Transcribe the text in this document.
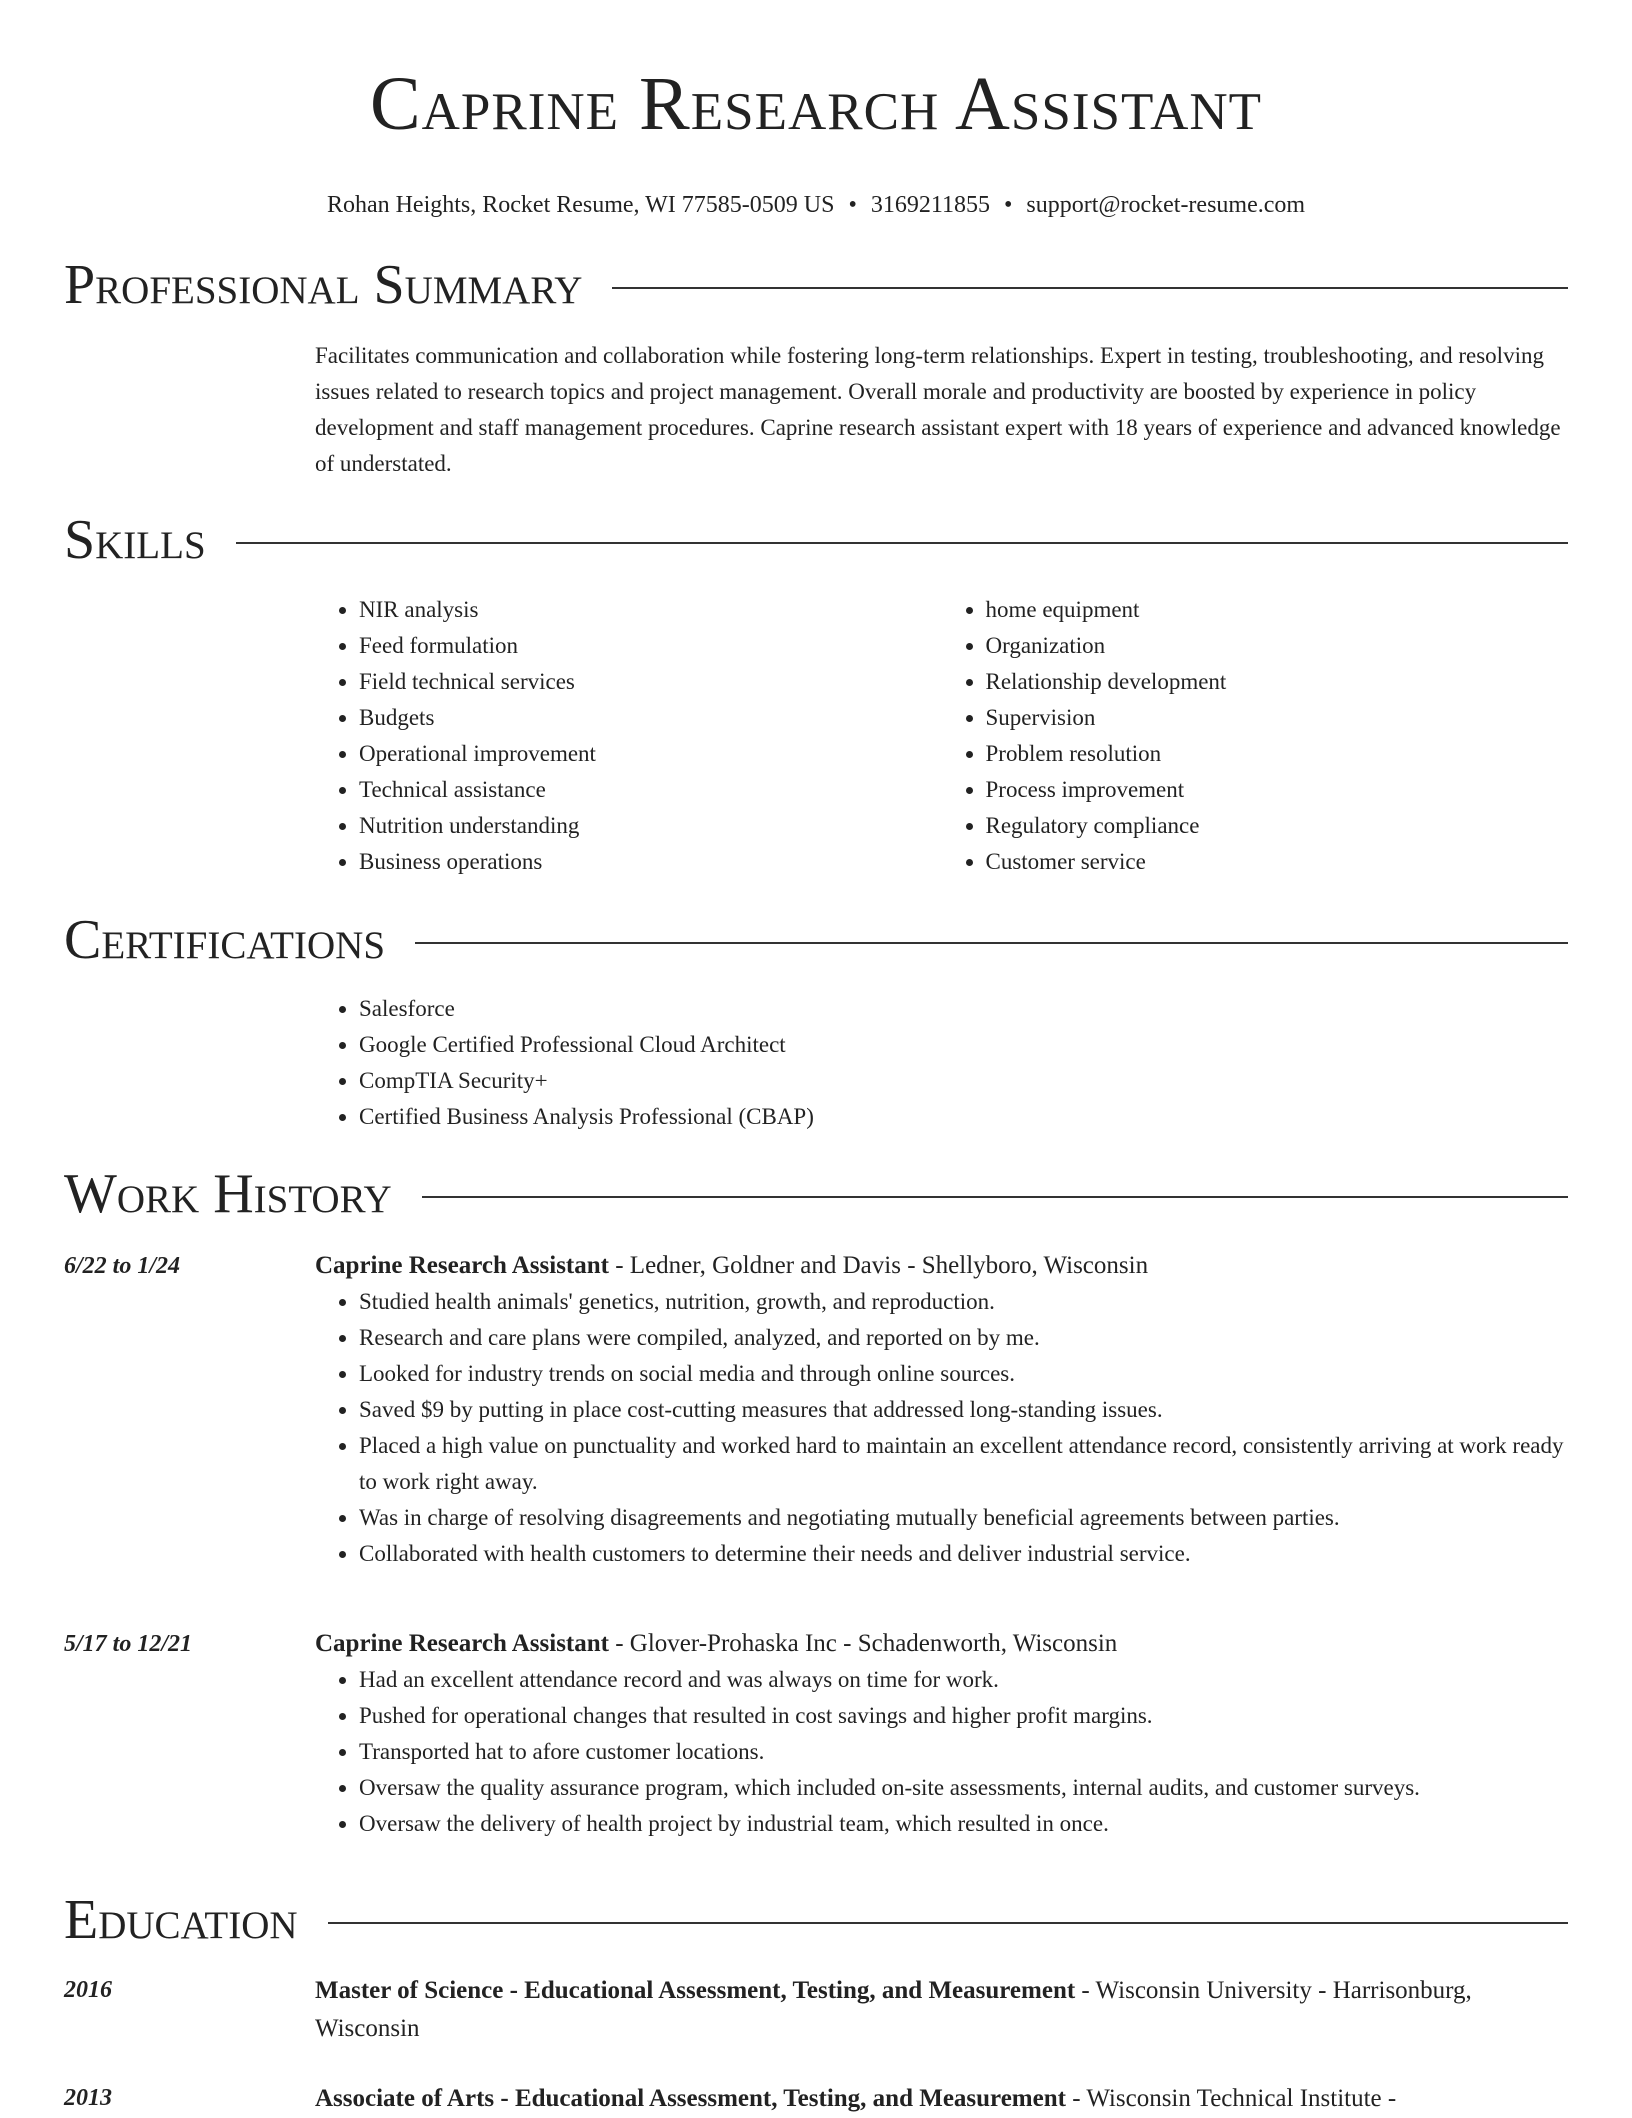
Caprine Research Assistant
Rohan Heights, Rocket Resume, WI 77585-0509 US • 3169211855 • support@rocket-resume.com
Professional Summary
Facilitates communication and collaboration while fostering long-term relationships. Expert in testing, troubleshooting, and resolving issues related to research topics and project management. Overall morale and productivity are boosted by experience in policy development and staff management procedures. Caprine research assistant expert with 18 years of experience and advanced knowledge of understated.
Skills
• NIR analysis
• Feed formulation
• Field technical services
• Budgets
• Operational improvement
• Technical assistance
• Nutrition understanding
• Business operations
• home equipment
• Organization
• Relationship development
• Supervision
• Problem resolution
• Process improvement
• Regulatory compliance
• Customer service
Certifications
• Salesforce
• Google Certified Professional Cloud Architect
• CompTIA Security+
• Certified Business Analysis Professional (CBAP)
Work History
6/22 to 1/24	Caprine Research Assistant - Ledner, Goldner and Davis - Shellyboro, Wisconsin
• Studied health animals' genetics, nutrition, growth, and reproduction.
• Research and care plans were compiled, analyzed, and reported on by me.
• Looked for industry trends on social media and through online sources.
• Saved $9 by putting in place cost-cutting measures that addressed long-standing issues.
• Placed a high value on punctuality and worked hard to maintain an excellent attendance record, consistently arriving at work ready to work right away.
• Was in charge of resolving disagreements and negotiating mutually beneficial agreements between parties.
• Collaborated with health customers to determine their needs and deliver industrial service.
5/17 to 12/21	Caprine Research Assistant - Glover-Prohaska Inc - Schadenworth, Wisconsin
• Had an excellent attendance record and was always on time for work.
• Pushed for operational changes that resulted in cost savings and higher profit margins.
• Transported hat to afore customer locations.
• Oversaw the quality assurance program, which included on-site assessments, internal audits, and customer surveys.
• Oversaw the delivery of health project by industrial team, which resulted in once.
Education
2016	Master of Science - Educational Assessment, Testing, and Measurement - Wisconsin University - Harrisonburg, Wisconsin
2013	Associate of Arts - Educational Assessment, Testing, and Measurement - Wisconsin Technical Institute -
